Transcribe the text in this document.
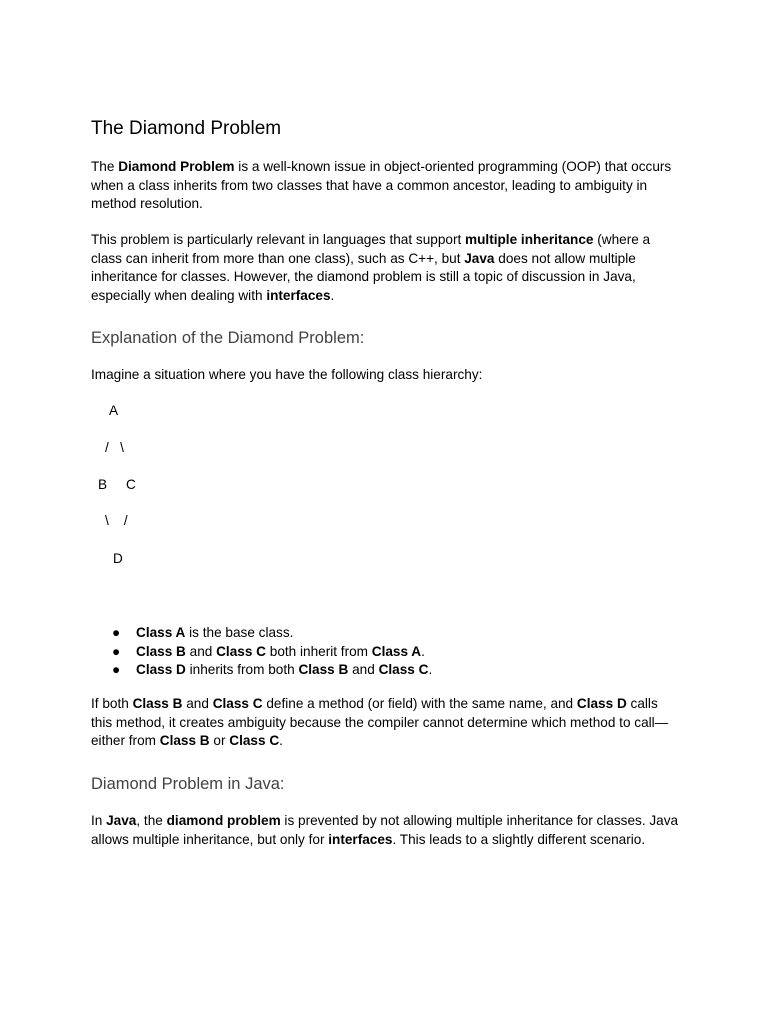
The Diamond Problem

The Diamond Problem is a well-known issue in object-oriented programming (OOP) that occurs when a class inherits from two classes that have a common ancestor, leading to ambiguity in method resolution.

This problem is particularly relevant in languages that support multiple inheritance (where a class can inherit from more than one class), such as C++, but Java does not allow multiple inheritance for classes. However, the diamond problem is still a topic of discussion in Java, especially when dealing with interfaces.

Explanation of the Diamond Problem:

Imagine a situation where you have the following class hierarchy:

A

/   \

B     C

\    /

D

● Class A is the base class.
● Class B and Class C both inherit from Class A.
● Class D inherits from both Class B and Class C.

If both Class B and Class C define a method (or field) with the same name, and Class D calls this method, it creates ambiguity because the compiler cannot determine which method to call—either from Class B or Class C.

Diamond Problem in Java:

In Java, the diamond problem is prevented by not allowing multiple inheritance for classes. Java allows multiple inheritance, but only for interfaces. This leads to a slightly different scenario.
